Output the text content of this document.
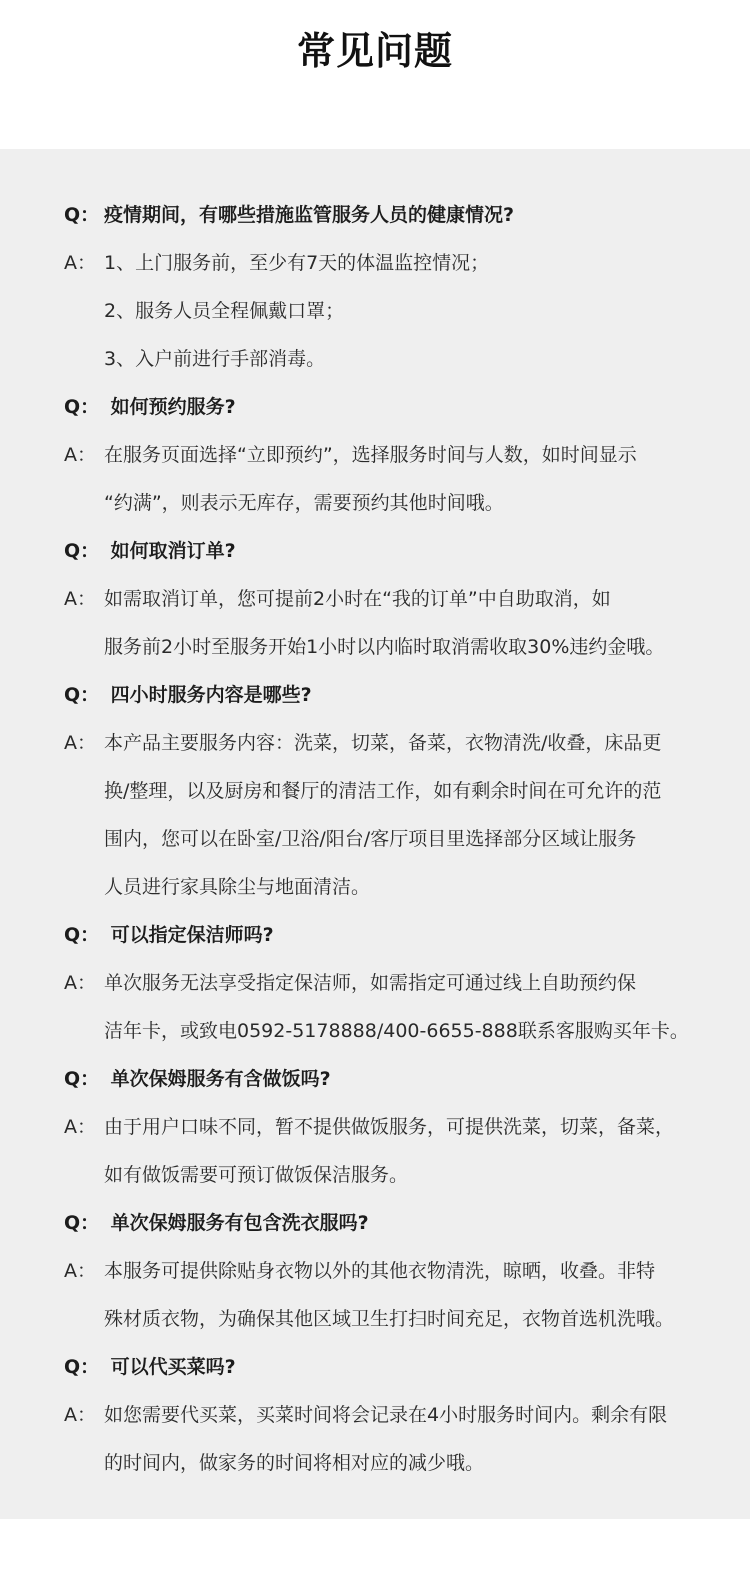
常见问题
Q： 疫情期间，有哪些措施监管服务人员的健康情况?
A： 1、上门服务前，至少有7天的体温监控情况；
2、服务人员全程佩戴口罩；
3、入户前进行手部消毒。
Q： 如何预约服务?
A： 在服务页面选择“立即预约”，选择服务时间与人数，如时间显示
“约满”，则表示无库存，需要预约其他时间哦。
Q： 如何取消订单?
A： 如需取消订单，您可提前2小时在“我的订单”中自助取消，如
服务前2小时至服务开始1小时以内临时取消需收取30%违约金哦。
Q： 四小时服务内容是哪些?
A： 本产品主要服务内容：洗菜，切菜，备菜，衣物清洗/收叠，床品更
换/整理，以及厨房和餐厅的清洁工作，如有剩余时间在可允许的范
围内，您可以在卧室/卫浴/阳台/客厅项目里选择部分区域让服务
人员进行家具除尘与地面清洁。
Q： 可以指定保洁师吗?
A： 单次服务无法享受指定保洁师，如需指定可通过线上自助预约保
洁年卡，或致电0592-5178888/400-6655-888联系客服购买年卡。
Q： 单次保姆服务有含做饭吗?
A： 由于用户口味不同，暂不提供做饭服务，可提供洗菜，切菜，备菜，
如有做饭需要可预订做饭保洁服务。
Q： 单次保姆服务有包含洗衣服吗?
A： 本服务可提供除贴身衣物以外的其他衣物清洗，晾晒，收叠。非特
殊材质衣物，为确保其他区域卫生打扫时间充足，衣物首选机洗哦。
Q： 可以代买菜吗?
A： 如您需要代买菜，买菜时间将会记录在4小时服务时间内。剩余有限
的时间内，做家务的时间将相对应的减少哦。
